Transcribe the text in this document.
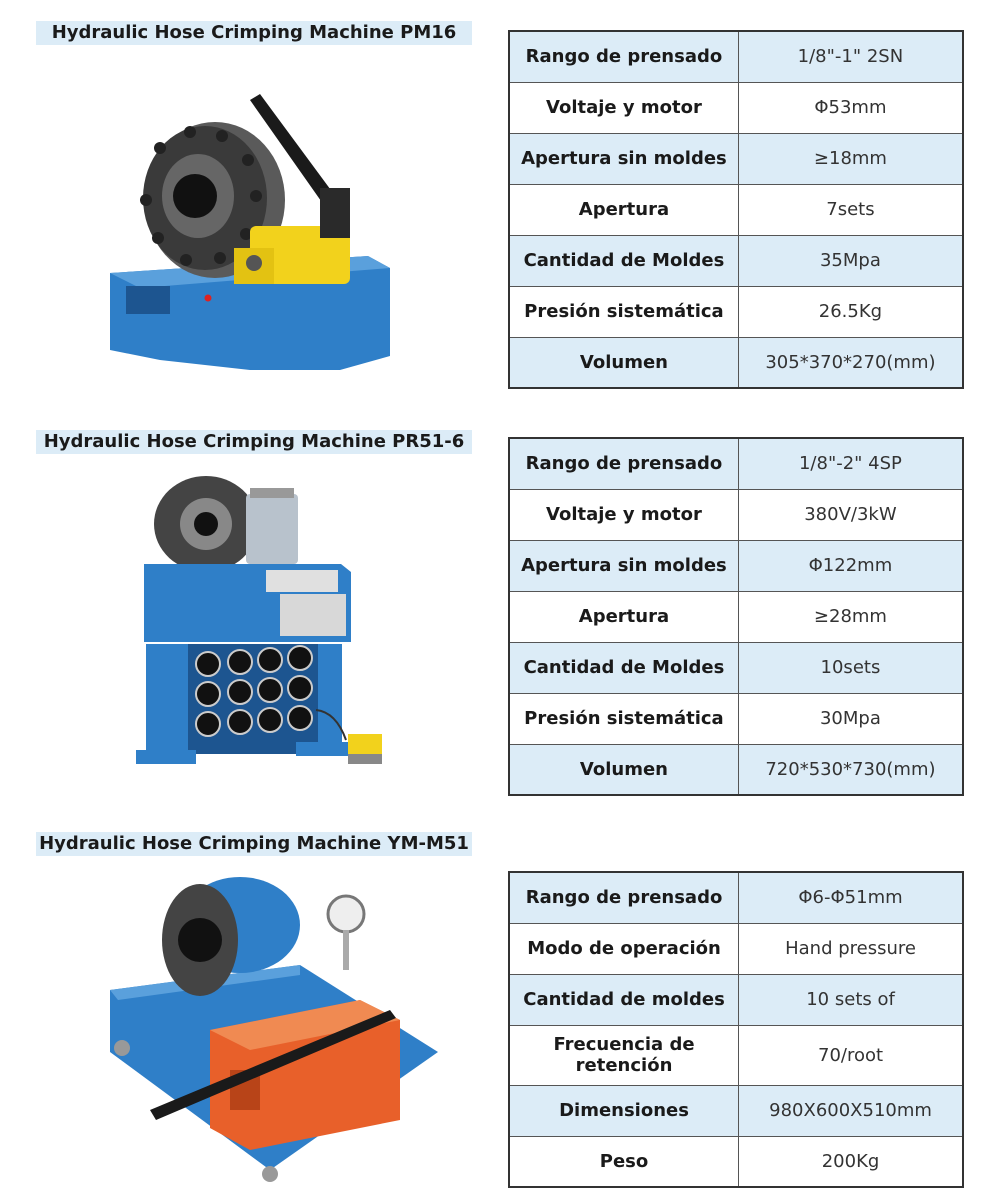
Hydraulic Hose Crimping Machine PM16
Rango de prensado	1/8"-1" 2SN
Voltaje y motor	Φ53mm
Apertura sin moldes	≥18mm
Apertura	7sets
Cantidad de Moldes	35Mpa
Presión sistemática	26.5Kg
Volumen	305*370*270(mm)
Hydraulic Hose Crimping Machine PR51-6
Rango de prensado	1/8"-2" 4SP
Voltaje y motor	380V/3kW
Apertura sin moldes	Φ122mm
Apertura	≥28mm
Cantidad de Moldes	10sets
Presión sistemática	30Mpa
Volumen	720*530*730(mm)
Hydraulic Hose Crimping Machine YM-M51
Rango de prensado	Φ6-Φ51mm
Modo de operación	Hand pressure
Cantidad de moldes	10 sets of
Frecuencia de retención	70/root
Dimensiones	980X600X510mm
Peso	200Kg
